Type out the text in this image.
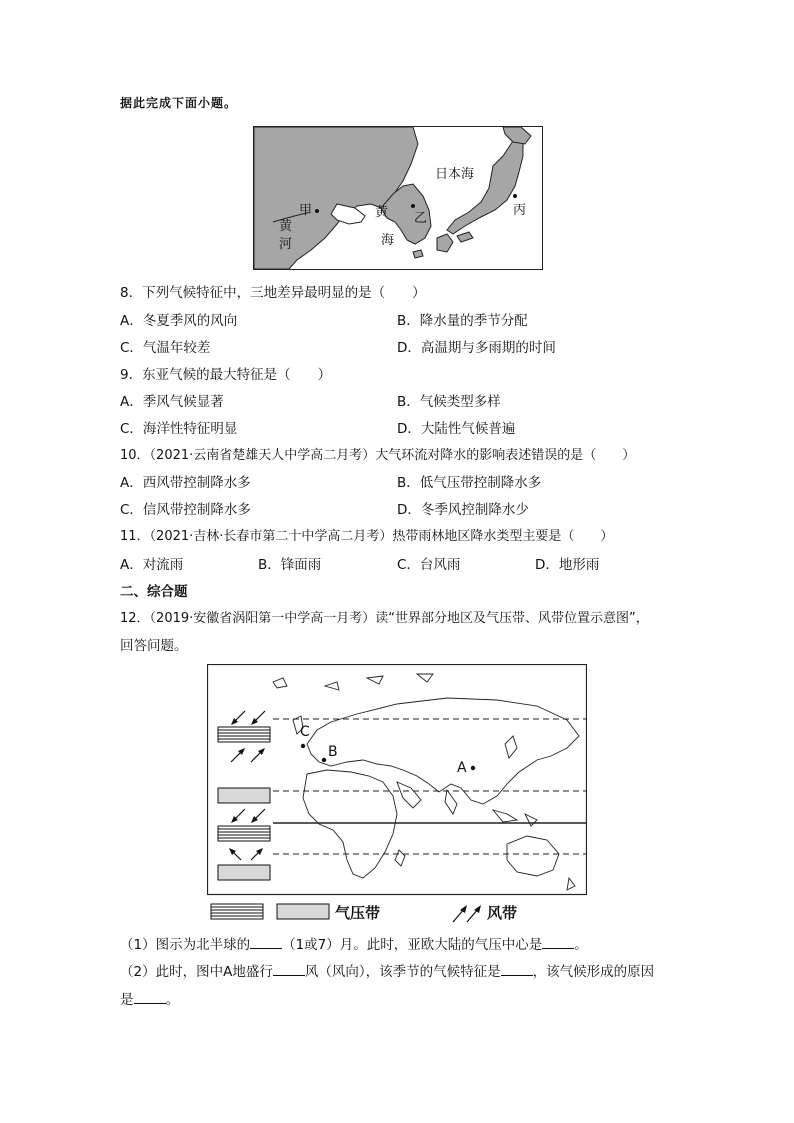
据此完成下面小题。
日本海
甲
黄
河
黄
海
乙
丙
8．下列气候特征中，三地差异最明显的是（　　）
A．冬夏季风的风向	B．降水量的季节分配
C．气温年较差	D．高温期与多雨期的时间
9．东亚气候的最大特征是（　　）
A．季风气候显著	B．气候类型多样
C．海洋性特征明显	D．大陆性气候普遍
10．（2021·云南省楚雄天人中学高二月考）大气环流对降水的影响表述错误的是（　　）
A．西风带控制降水多	B．低气压带控制降水多
C．信风带控制降水多	D．冬季风控制降水少
11．（2021·吉林·长春市第二十中学高二月考）热带雨林地区降水类型主要是（　　）
A．对流雨	B．锋面雨	C．台风雨	D．地形雨
二、综合题
12．（2019·安徽省涡阳第一中学高一月考）读“世界部分地区及气压带、风带位置示意图”，
回答问题。
A
B
C
气压带	风带
（1）图示为北半球的 （1或7）月。此时，亚欧大陆的气压中心是 。
（2）此时，图中A地盛行 风（风向），该季节的气候特征是 ，该气候形成的原因
是 。
